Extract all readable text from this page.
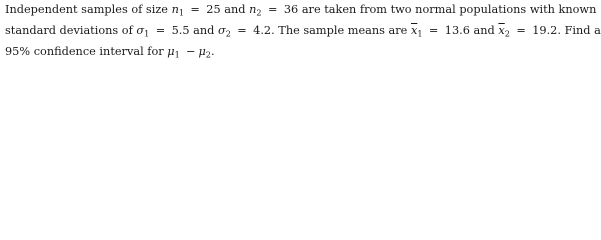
Independent samples of size $n_1 = 25$ and $n_2 = 36$ are taken from two normal populations with known
standard deviations of $\sigma_1 = 5.5$ and $\sigma_2 = 4.2$. The sample means are $\overline{x}_1 = 13.6$ and $\overline{x}_2 = 19.2$. Find a
95% confidence interval for $\mu_1 - \mu_2$.
